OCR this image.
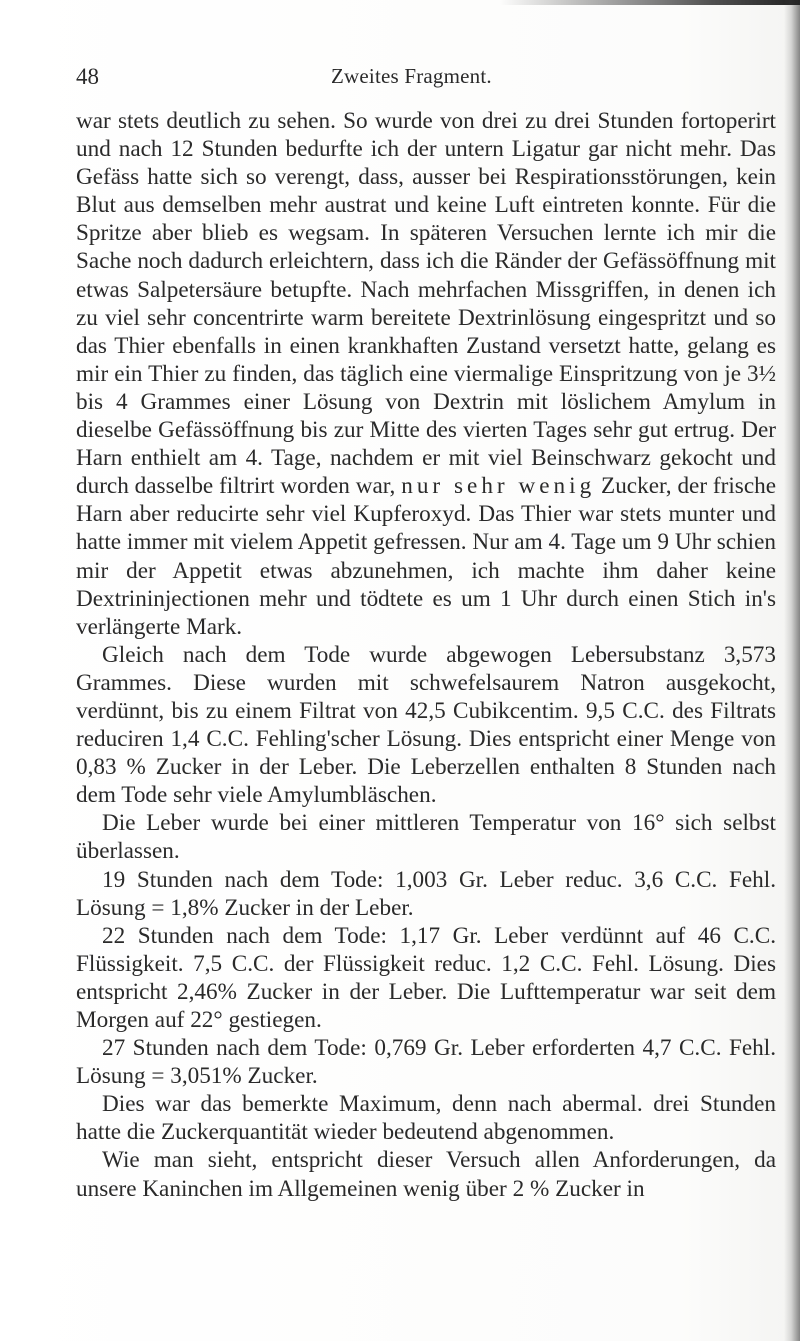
48	Zweites Fragment.

war stets deutlich zu sehen. So wurde von drei zu drei Stunden fortoperirt und nach 12 Stunden bedurfte ich der untern Ligatur gar nicht mehr. Das Gefäss hatte sich so verengt, dass, ausser bei Respirationsstörungen, kein Blut aus demselben mehr austrat und keine Luft eintreten konnte. Für die Spritze aber blieb es wegsam. In späteren Versuchen lernte ich mir die Sache noch dadurch erleichtern, dass ich die Ränder der Gefässöffnung mit etwas Salpetersäure betupfte. Nach mehrfachen Missgriffen, in denen ich zu viel sehr concentrirte warm bereitete Dextrinlösung eingespritzt und so das Thier ebenfalls in einen krankhaften Zustand versetzt hatte, gelang es mir ein Thier zu finden, das täglich eine viermalige Einspritzung von je 3½ bis 4 Grammes einer Lösung von Dextrin mit löslichem Amylum in dieselbe Gefässöffnung bis zur Mitte des vierten Tages sehr gut ertrug. Der Harn enthielt am 4. Tage, nachdem er mit viel Beinschwarz gekocht und durch dasselbe filtrirt worden war, nur sehr wenig Zucker, der frische Harn aber reducirte sehr viel Kupferoxyd. Das Thier war stets munter und hatte immer mit vielem Appetit gefressen. Nur am 4. Tage um 9 Uhr schien mir der Appetit etwas abzunehmen, ich machte ihm daher keine Dextrininjectionen mehr und tödtete es um 1 Uhr durch einen Stich in's verlängerte Mark.

Gleich nach dem Tode wurde abgewogen Lebersubstanz 3,573 Grammes. Diese wurden mit schwefelsaurem Natron ausgekocht, verdünnt, bis zu einem Filtrat von 42,5 Cubikcentim. 9,5 C.C. des Filtrats reduciren 1,4 C.C. Fehling'scher Lösung. Dies entspricht einer Menge von 0,83 % Zucker in der Leber. Die Leberzellen enthalten 8 Stunden nach dem Tode sehr viele Amylumbläschen.

Die Leber wurde bei einer mittleren Temperatur von 16° sich selbst überlassen.

19 Stunden nach dem Tode: 1,003 Gr. Leber reduc. 3,6 C.C. Fehl. Lösung = 1,8% Zucker in der Leber.

22 Stunden nach dem Tode: 1,17 Gr. Leber verdünnt auf 46 C.C. Flüssigkeit. 7,5 C.C. der Flüssigkeit reduc. 1,2 C.C. Fehl. Lösung. Dies entspricht 2,46% Zucker in der Leber. Die Lufttemperatur war seit dem Morgen auf 22° gestiegen.

27 Stunden nach dem Tode: 0,769 Gr. Leber erforderten 4,7 C.C. Fehl. Lösung = 3,051% Zucker.

Dies war das bemerkte Maximum, denn nach abermal. drei Stunden hatte die Zuckerquantität wieder bedeutend abgenommen.

Wie man sieht, entspricht dieser Versuch allen Anforderungen, da unsere Kaninchen im Allgemeinen wenig über 2 % Zucker in
